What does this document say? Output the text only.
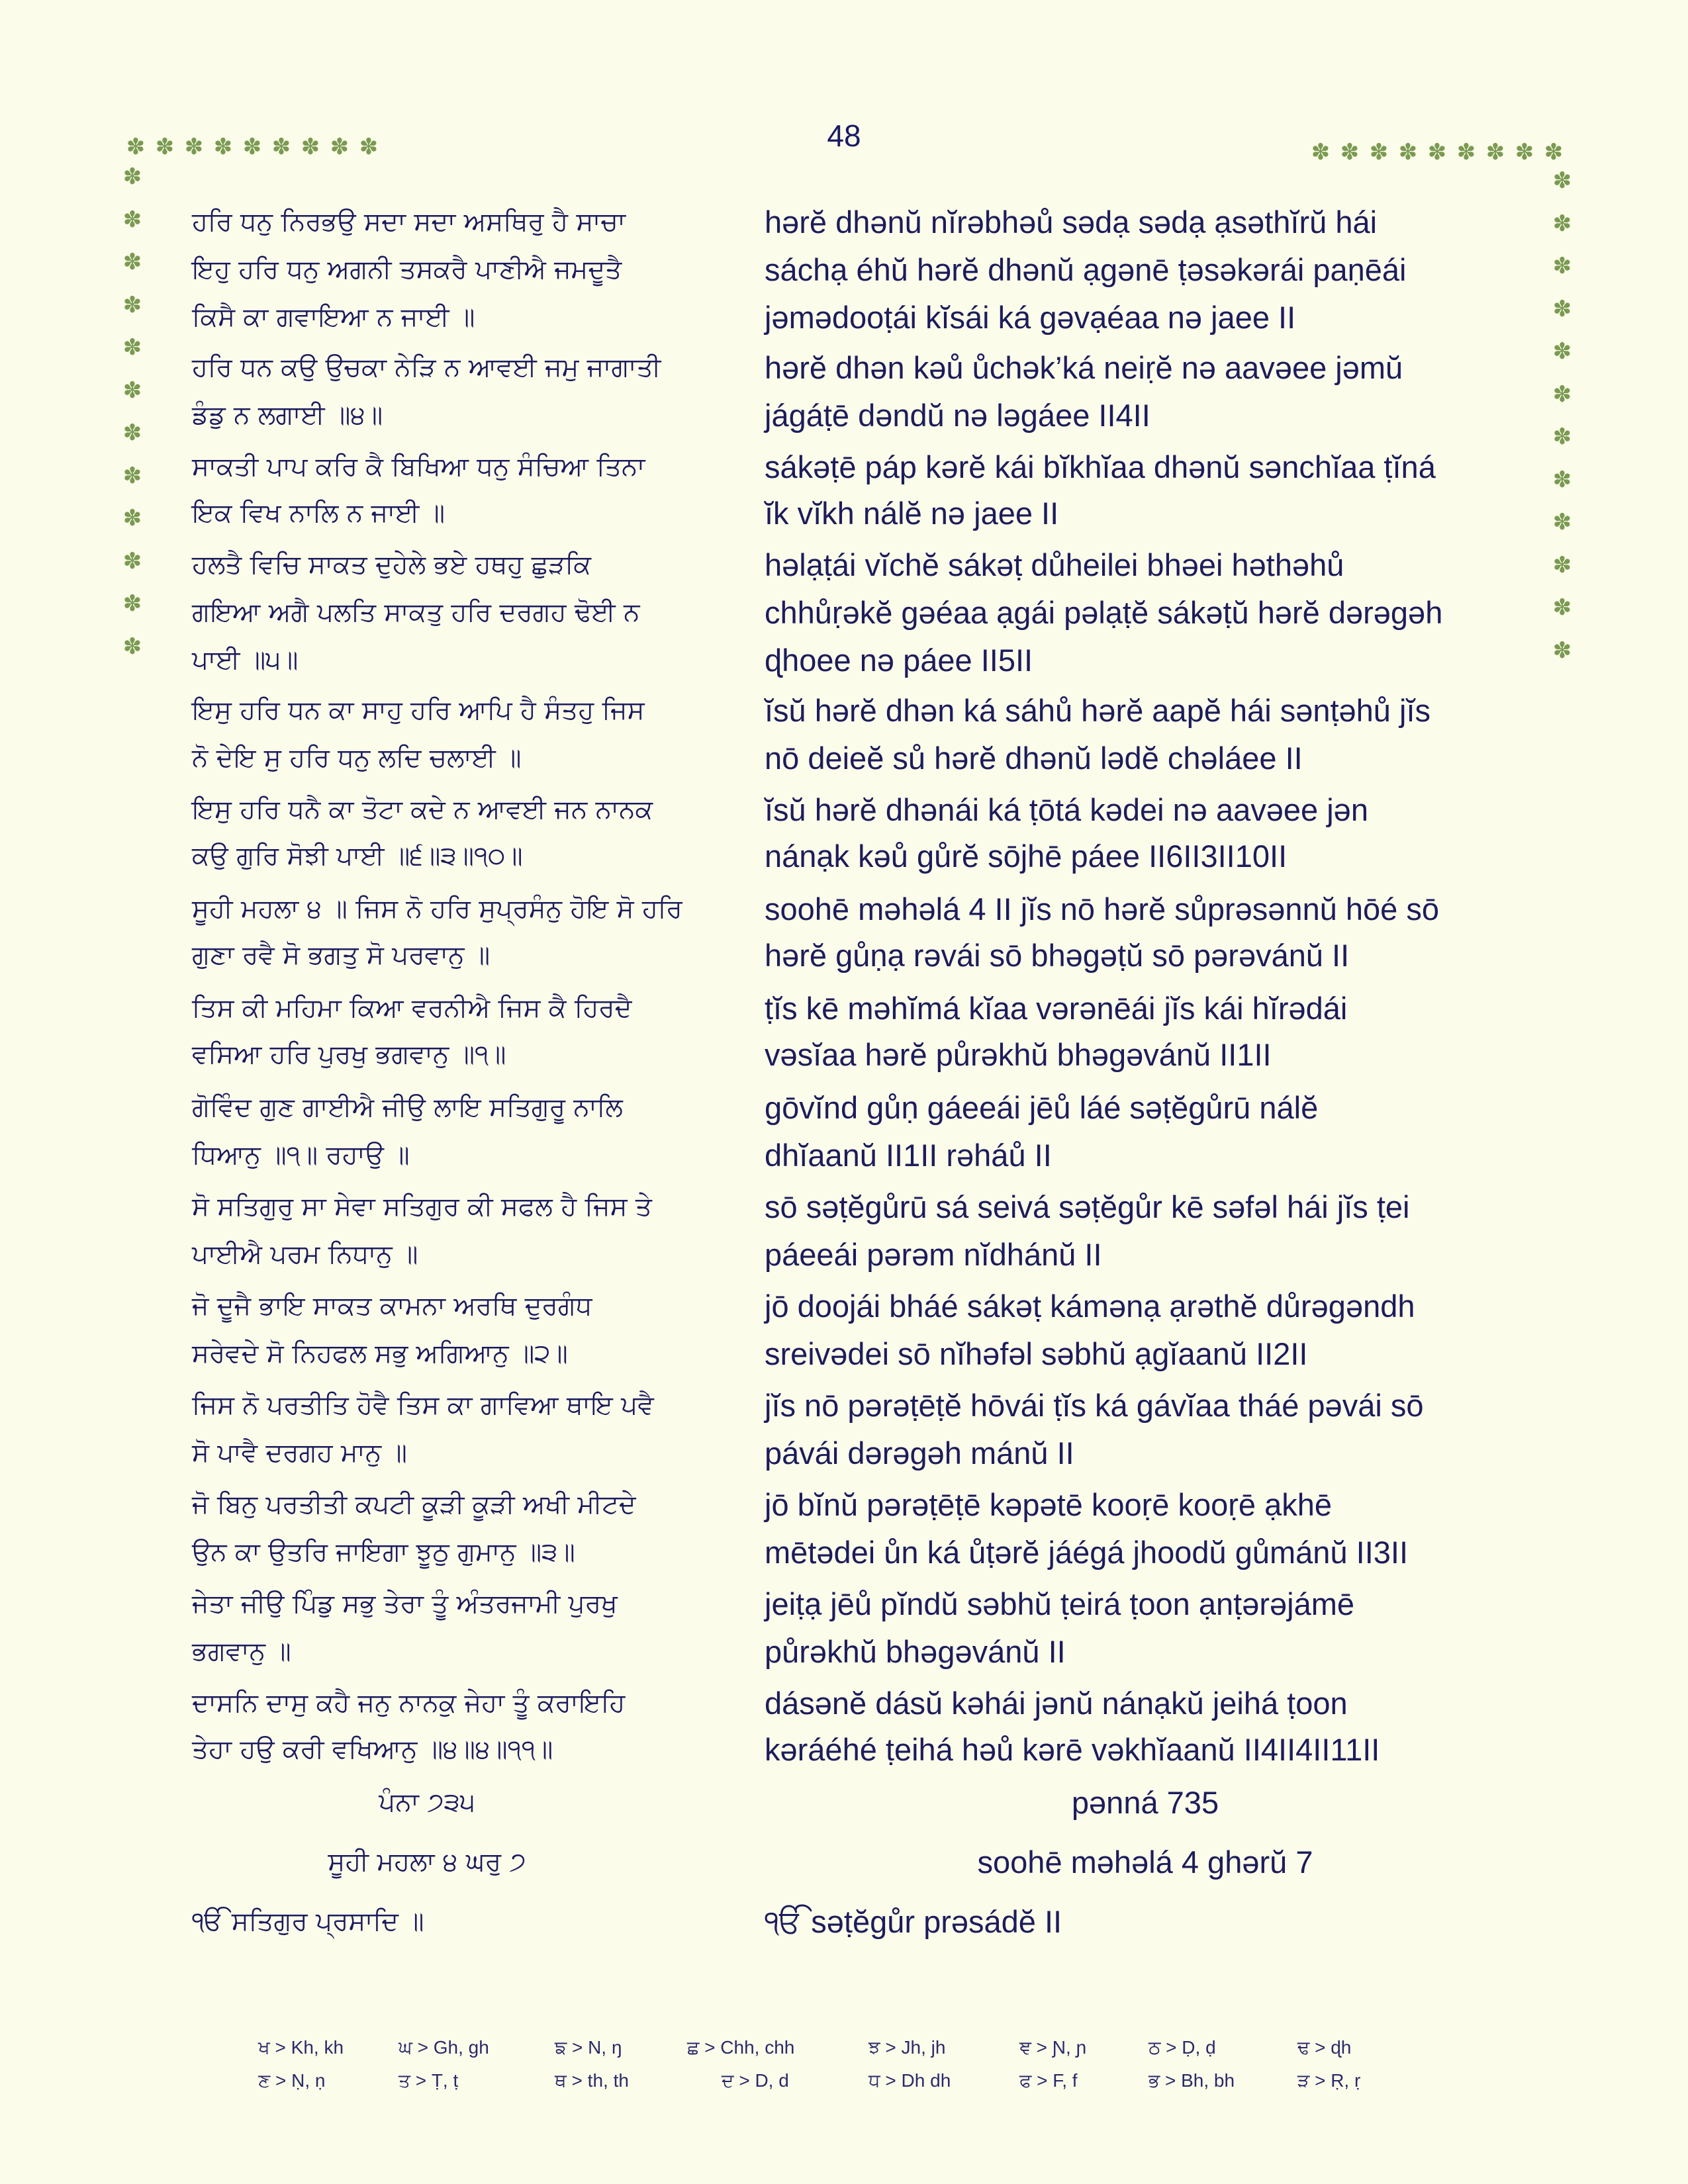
48
✽ ✽ ✽ ✽ ✽ ✽ ✽ ✽ ✽	✽ ✽ ✽ ✽ ✽ ✽ ✽ ✽ ✽
✽
✽
✽
✽
✽
✽
✽
✽
✽
✽
✽
✽
✽
✽
✽
✽
✽
✽
✽
✽
✽
✽
✽
✽
ਹਰਿ ਧਨੁ ਨਿਰਭਉ ਸਦਾ ਸਦਾ ਅਸਥਿਰੁ ਹੈ ਸਾਚਾ	hərĕ dhənŭ nĭrəbhəů sədạ sədạ ạsəthĭrŭ hái
ਇਹੁ ਹਰਿ ਧਨੁ ਅਗਨੀ ਤਸਕਰੈ ਪਾਣੀਐ ਜਮਦੂਤੈ	sáchạ éhŭ hərĕ dhənŭ ạgənē ṭəsəkərái paṇēái
ਕਿਸੈ ਕਾ ਗਵਾਇਆ ਨ ਜਾਈ ॥	jəmədooṭái kĭsái ká gəvạéaa nə jaee II
ਹਰਿ ਧਨ ਕਉ ਉਚਕਾ ਨੇੜਿ ਨ ਆਵਈ ਜਮੁ ਜਾਗਾਤੀ	hərĕ dhən kəů ůchək’ká neiṛĕ nə aavəee jəmŭ
ਡੰਡੁ ਨ ਲਗਾਈ ॥੪॥	jágáṭē dəndŭ nə ləgáee II4II
ਸਾਕਤੀ ਪਾਪ ਕਰਿ ਕੈ ਬਿਖਿਆ ਧਨੁ ਸੰਚਿਆ ਤਿਨਾ	sákəṭē páp kərĕ kái bĭkhĭaa dhənŭ sənchĭaa ṭĭná
ਇਕ ਵਿਖ ਨਾਲਿ ਨ ਜਾਈ ॥	ĭk vĭkh nálĕ nə jaee II
ਹਲਤੈ ਵਿਚਿ ਸਾਕਤ ਦੁਹੇਲੇ ਭਏ ਹਥਹੁ ਛੁੜਕਿ	həlạṭái vĭchĕ sákəṭ důheilei bhəei həthəhů
ਗਇਆ ਅਗੈ ਪਲਤਿ ਸਾਕਤੁ ਹਰਿ ਦਰਗਹ ਢੋਈ ਨ	chhůṛəkĕ gəéaa ạgái pəlạṭĕ sákəṭŭ hərĕ dərəgəh
ਪਾਈ ॥੫॥	ɖhoee nə páee II5II
ਇਸੁ ਹਰਿ ਧਨ ਕਾ ਸਾਹੁ ਹਰਿ ਆਪਿ ਹੈ ਸੰਤਹੁ ਜਿਸ	ĭsŭ hərĕ dhən ká sáhů hərĕ aapĕ hái sənṭəhů jĭs
ਨੋ ਦੇਇ ਸੁ ਹਰਿ ਧਨੁ ਲਦਿ ਚਲਾਈ ॥	nō deieĕ sů hərĕ dhənŭ lədĕ chəláee II
ਇਸੁ ਹਰਿ ਧਨੈ ਕਾ ਤੋਟਾ ਕਦੇ ਨ ਆਵਈ ਜਨ ਨਾਨਕ	ĭsŭ hərĕ dhənái ká ṭōtá kədei nə aavəee jən
ਕਉ ਗੁਰਿ ਸੋਝੀ ਪਾਈ ॥੬॥੩॥੧੦॥	nánạk kəů gůrĕ sōjhē páee II6II3II10II
ਸੂਹੀ ਮਹਲਾ ੪ ॥ ਜਿਸ ਨੋ ਹਰਿ ਸੁਪ੍ਰਸੰਨੁ ਹੋਇ ਸੋ ਹਰਿ	soohē məhəlá 4 II jĭs nō hərĕ sůprəsənnŭ hōé sō
ਗੁਣਾ ਰਵੈ ਸੋ ਭਗਤੁ ਸੋ ਪਰਵਾਨੁ ॥	hərĕ gůṇạ rəvái sō bhəgəṭŭ sō pərəvánŭ II
ਤਿਸ ਕੀ ਮਹਿਮਾ ਕਿਆ ਵਰਨੀਐ ਜਿਸ ਕੈ ਹਿਰਦੈ	ṭĭs kē məhĭmá kĭaa vərənēái jĭs kái hĭrədái
ਵਸਿਆ ਹਰਿ ਪੁਰਖੁ ਭਗਵਾਨੁ ॥੧॥	vəsĭaa hərĕ půrəkhŭ bhəgəvánŭ II1II
ਗੋਵਿੰਦ ਗੁਣ ਗਾਈਐ ਜੀਉ ਲਾਇ ਸਤਿਗੁਰੂ ਨਾਲਿ	gōvĭnd gůṇ gáeeái jēů láé səṭĕgůrū nálĕ
ਧਿਆਨੁ ॥੧॥ ਰਹਾਉ ॥	dhĭaanŭ II1II rəháů II
ਸੋ ਸਤਿਗੁਰੁ ਸਾ ਸੇਵਾ ਸਤਿਗੁਰ ਕੀ ਸਫਲ ਹੈ ਜਿਸ ਤੇ	sō səṭĕgůrū sá seivá səṭĕgůr kē səfəl hái jĭs ṭei
ਪਾਈਐ ਪਰਮ ਨਿਧਾਨੁ ॥	páeeái pərəm nĭdhánŭ II
ਜੋ ਦੂਜੈ ਭਾਇ ਸਾਕਤ ਕਾਮਨਾ ਅਰਥਿ ਦੁਰਗੰਧ	jō doojái bháé sákəṭ kámənạ ạrəthĕ důrəgəndh
ਸਰੇਵਦੇ ਸੋ ਨਿਹਫਲ ਸਭੁ ਅਗਿਆਨੁ ॥੨॥	sreivədei sō nĭhəfəl səbhŭ ạgĭaanŭ II2II
ਜਿਸ ਨੋ ਪਰਤੀਤਿ ਹੋਵੈ ਤਿਸ ਕਾ ਗਾਵਿਆ ਥਾਇ ਪਵੈ	jĭs nō pərəṭēṭĕ hōvái ṭĭs ká gávĭaa tháé pəvái sō
ਸੋ ਪਾਵੈ ਦਰਗਹ ਮਾਨੁ ॥	pávái dərəgəh mánŭ II
ਜੋ ਬਿਨੁ ਪਰਤੀਤੀ ਕਪਟੀ ਕੂੜੀ ਕੂੜੀ ਅਖੀ ਮੀਟਦੇ	jō bĭnŭ pərəṭēṭē kəpətē kooṛē kooṛē ạkhē
ਉਨ ਕਾ ਉਤਰਿ ਜਾਇਗਾ ਝੂਠੁ ਗੁਮਾਨੁ ॥੩॥	mētədei ůn ká ůṭərĕ jáégá jhoodŭ gůmánŭ II3II
ਜੇਤਾ ਜੀਉ ਪਿੰਡੁ ਸਭੁ ਤੇਰਾ ਤੂੰ ਅੰਤਰਜਾਮੀ ਪੁਰਖੁ	jeiṭạ jēů pĭndŭ səbhŭ ṭeirá ṭoon ạnṭərəjámē
ਭਗਵਾਨੁ ॥	půrəkhŭ bhəgəvánŭ II
ਦਾਸਨਿ ਦਾਸੁ ਕਹੈ ਜਨੁ ਨਾਨਕੁ ਜੇਹਾ ਤੂੰ ਕਰਾਇਹਿ	dásənĕ dásŭ kəhái jənŭ nánạkŭ jeihá ṭoon
ਤੇਹਾ ਹਉ ਕਰੀ ਵਖਿਆਨੁ ॥੪॥੪॥੧੧॥	kəráéhé ṭeihá həů kərē vəkhĭaanŭ II4II4II11II
ਪੰਨਾ ੭੩੫	pənná 735
ਸੂਹੀ ਮਹਲਾ ੪ ਘਰੁ ੭	soohē məhəlá 4 ghərŭ 7
ੴ ਸਤਿਗੁਰ ਪ੍ਰਸਾਦਿ ॥	ੴ səṭĕgůr prəsádĕ II
ਖ > Kh, kh	ਘ > Gh, gh	ਙ > N, ŋ	ਛ > Chh, chh	ਝ > Jh, jh	ਞ > Ɲ, ɲ	ਠ > Ḍ, ḍ	ਢ > ɖh
ਣ > Ṇ, ṇ	ਤ > Ṭ, ṭ	ਥ > th, th	ਦ > D, d	ਧ > Dh dh	ਫ > F, f	ਭ > Bh, bh	ੜ > Ṛ, ṛ
